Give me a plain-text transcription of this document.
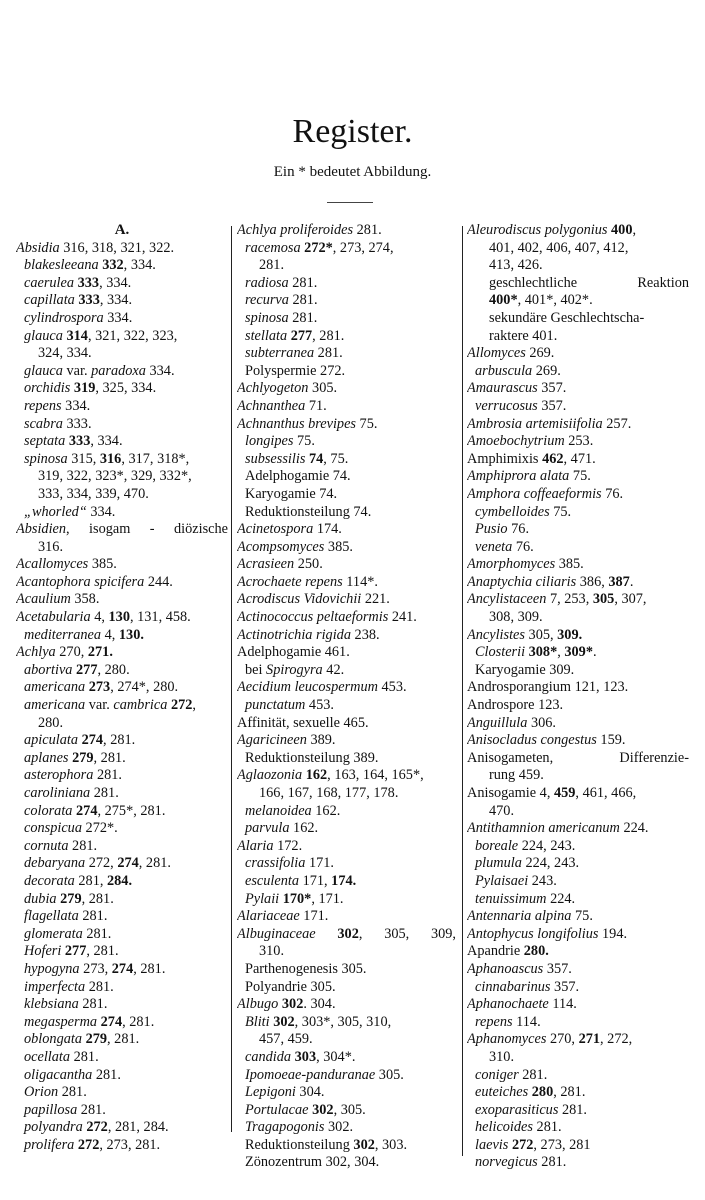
Register.
Ein * bedeutet Abbildung.
A.
Absidia 316, 318, 321, 322.
blakesleeana 332, 334.
caerulea 333, 334.
capillata 333, 334.
cylindrospora 334.
glauca 314, 321, 322, 323,
324, 334.
glauca var. paradoxa 334.
orchidis 319, 325, 334.
repens 334.
scabra 333.
septata 333, 334.
spinosa 315, 316, 317, 318*,
319, 322, 323*, 329, 332*,
333, 334, 339, 470.
„whorled“ 334.
Absidien, isogam - diözische
316.
Acallomyces 385.
Acantophora spicifera 244.
Acaulium 358.
Acetabularia 4, 130, 131, 458.
mediterranea 4, 130.
Achlya 270, 271.
abortiva 277, 280.
americana 273, 274*, 280.
americana var. cambrica 272,
280.
apiculata 274, 281.
aplanes 279, 281.
asterophora 281.
caroliniana 281.
colorata 274, 275*, 281.
conspicua 272*.
cornuta 281.
debaryana 272, 274, 281.
decorata 281, 284.
dubia 279, 281.
flagellata 281.
glomerata 281.
Hoferi 277, 281.
hypogyna 273, 274, 281.
imperfecta 281.
klebsiana 281.
megasperma 274, 281.
oblongata 279, 281.
ocellata 281.
oligacantha 281.
Orion 281.
papillosa 281.
polyandra 272, 281, 284.
prolifera 272, 273, 281.
Achlya proliferoides 281.
racemosa 272*, 273, 274,
281.
radiosa 281.
recurva 281.
spinosa 281.
stellata 277, 281.
subterranea 281.
Polyspermie 272.
Achlyogeton 305.
Achnanthea 71.
Achnanthus brevipes 75.
longipes 75.
subsessilis 74, 75.
Adelphogamie 74.
Karyogamie 74.
Reduktionsteilung 74.
Acinetospora 174.
Acompsomyces 385.
Acrasieen 250.
Acrochaete repens 114*.
Acrodiscus Vidovichii 221.
Actinococcus peltaeformis 241.
Actinotrichia rigida 238.
Adelphogamie 461.
bei Spirogyra 42.
Aecidium leucospermum 453.
punctatum 453.
Affinität, sexuelle 465.
Agaricineen 389.
Reduktionsteilung 389.
Aglaozonia 162, 163, 164, 165*,
166, 167, 168, 177, 178.
melanoidea 162.
parvula 162.
Alaria 172.
crassifolia 171.
esculenta 171, 174.
Pylaii 170*, 171.
Alariaceae 171.
Albuginaceae 302, 305, 309,
310.
Parthenogenesis 305.
Polyandrie 305.
Albugo 302. 304.
Bliti 302, 303*, 305, 310,
457, 459.
candida 303, 304*.
Ipomoeae-panduranae 305.
Lepigoni 304.
Portulacae 302, 305.
Tragapogonis 302.
Reduktionsteilung 302, 303.
Zönozentrum 302, 304.
Aleurodiscus polygonius 400,
401, 402, 406, 407, 412,
413, 426.
geschlechtliche Reaktion
400*, 401*, 402*.
sekundäre Geschlechtscha-
raktere 401.
Allomyces 269.
arbuscula 269.
Amaurascus 357.
verrucosus 357.
Ambrosia artemisiifolia 257.
Amoebochytrium 253.
Amphimixis 462, 471.
Amphiprora alata 75.
Amphora coffeaeformis 76.
cymbelloides 75.
Pusio 76.
veneta 76.
Amorphomyces 385.
Anaptychia ciliaris 386, 387.
Ancylistaceen 7, 253, 305, 307,
308, 309.
Ancylistes 305, 309.
Closterii 308*, 309*.
Karyogamie 309.
Androsporangium 121, 123.
Androspore 123.
Anguillula 306.
Anisocladus congestus 159.
Anisogameten, Differenzie-
rung 459.
Anisogamie 4, 459, 461, 466,
470.
Antithamnion americanum 224.
boreale 224, 243.
plumula 224, 243.
Pylaisaei 243.
tenuissimum 224.
Antennaria alpina 75.
Antophycus longifolius 194.
Apandrie 280.
Aphanoascus 357.
cinnabarinus 357.
Aphanochaete 114.
repens 114.
Aphanomyces 270, 271, 272,
310.
coniger 281.
euteiches 280, 281.
exoparasiticus 281.
helicoides 281.
laevis 272, 273, 281
norvegicus 281.
